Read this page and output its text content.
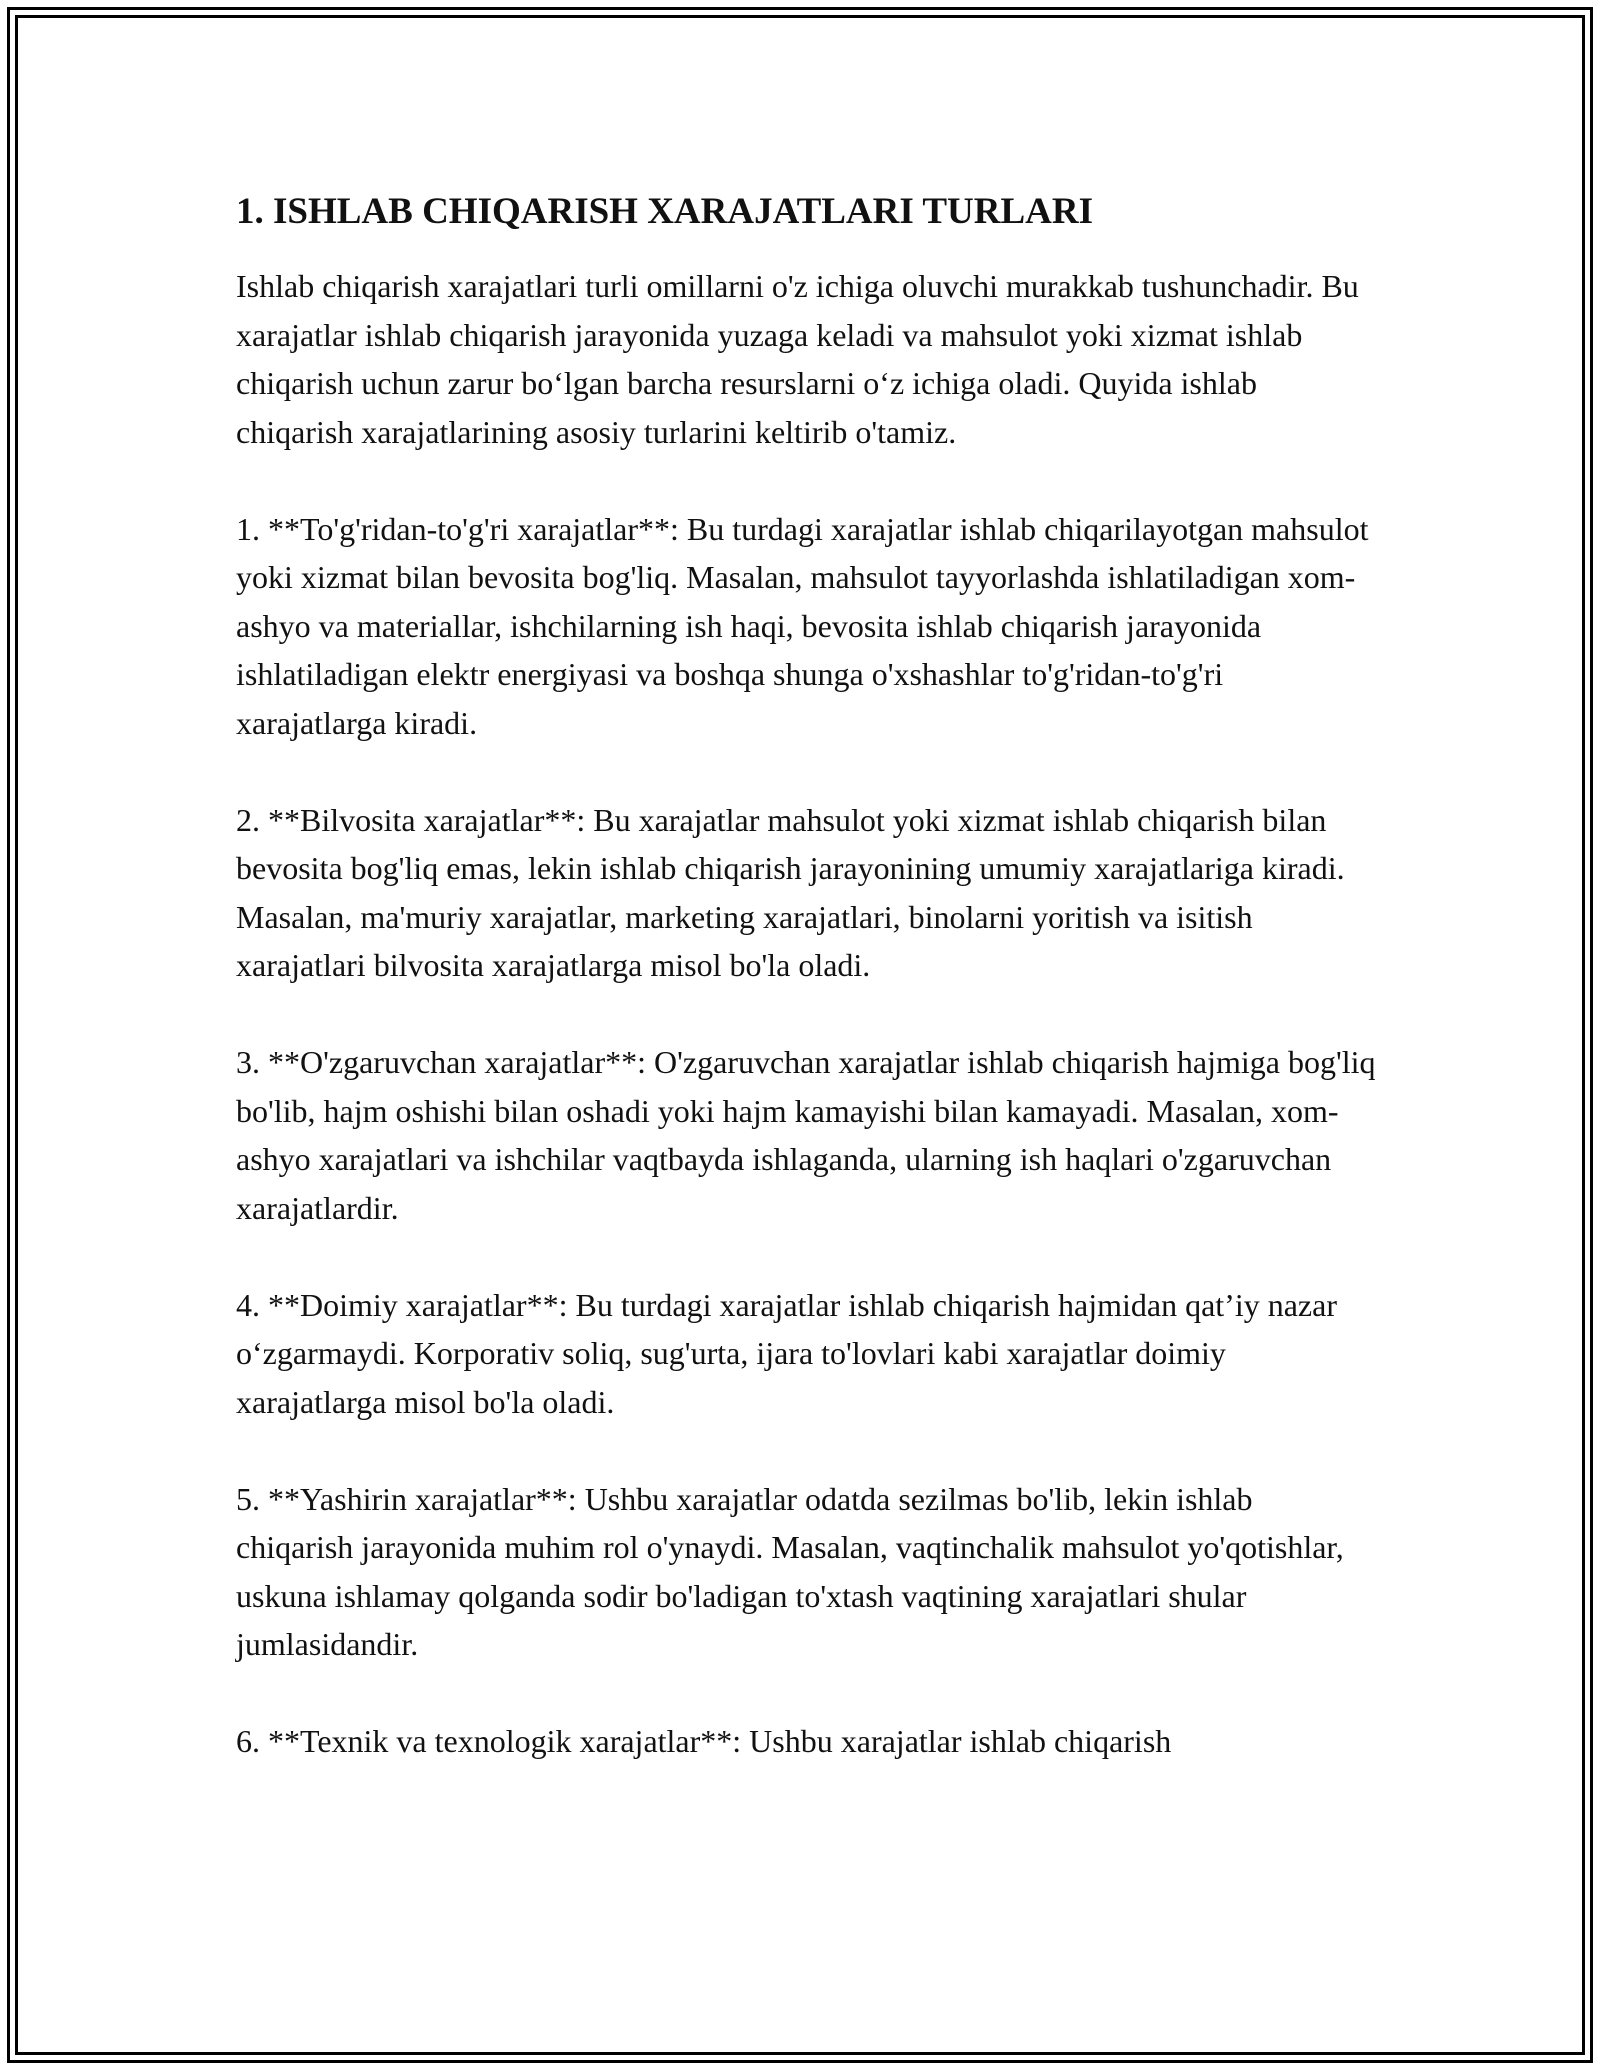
1. ISHLAB CHIQARISH XARAJATLARI TURLARI

Ishlab chiqarish xarajatlari turli omillarni o'z ichiga oluvchi murakkab tushunchadir. Bu xarajatlar ishlab chiqarish jarayonida yuzaga keladi va mahsulot yoki xizmat ishlab chiqarish uchun zarur boʻlgan barcha resurslarni oʻz ichiga oladi. Quyida ishlab chiqarish xarajatlarining asosiy turlarini keltirib o'tamiz.

1. **To'g'ridan-to'g'ri xarajatlar**: Bu turdagi xarajatlar ishlab chiqarilayotgan mahsulot yoki xizmat bilan bevosita bog'liq. Masalan, mahsulot tayyorlashda ishlatiladigan xom-ashyo va materiallar, ishchilarning ish haqi, bevosita ishlab chiqarish jarayonida ishlatiladigan elektr energiyasi va boshqa shunga o'xshashlar to'g'ridan-to'g'ri xarajatlarga kiradi.

2. **Bilvosita xarajatlar**: Bu xarajatlar mahsulot yoki xizmat ishlab chiqarish bilan bevosita bog'liq emas, lekin ishlab chiqarish jarayonining umumiy xarajatlariga kiradi. Masalan, ma'muriy xarajatlar, marketing xarajatlari, binolarni yoritish va isitish xarajatlari bilvosita xarajatlarga misol bo'la oladi.

3. **O'zgaruvchan xarajatlar**: O'zgaruvchan xarajatlar ishlab chiqarish hajmiga bog'liq bo'lib, hajm oshishi bilan oshadi yoki hajm kamayishi bilan kamayadi. Masalan, xom-ashyo xarajatlari va ishchilar vaqtbayda ishlaganda, ularning ish haqlari o'zgaruvchan xarajatlardir.

4. **Doimiy xarajatlar**: Bu turdagi xarajatlar ishlab chiqarish hajmidan qat’iy nazar oʻzgarmaydi. Korporativ soliq, sug'urta, ijara to'lovlari kabi xarajatlar doimiy xarajatlarga misol bo'la oladi.

5. **Yashirin xarajatlar**: Ushbu xarajatlar odatda sezilmas bo'lib, lekin ishlab chiqarish jarayonida muhim rol o'ynaydi. Masalan, vaqtinchalik mahsulot yo'qotishlar, uskuna ishlamay qolganda sodir bo'ladigan to'xtash vaqtining xarajatlari shular jumlasidandir.

6. **Texnik va texnologik xarajatlar**: Ushbu xarajatlar ishlab chiqarish
